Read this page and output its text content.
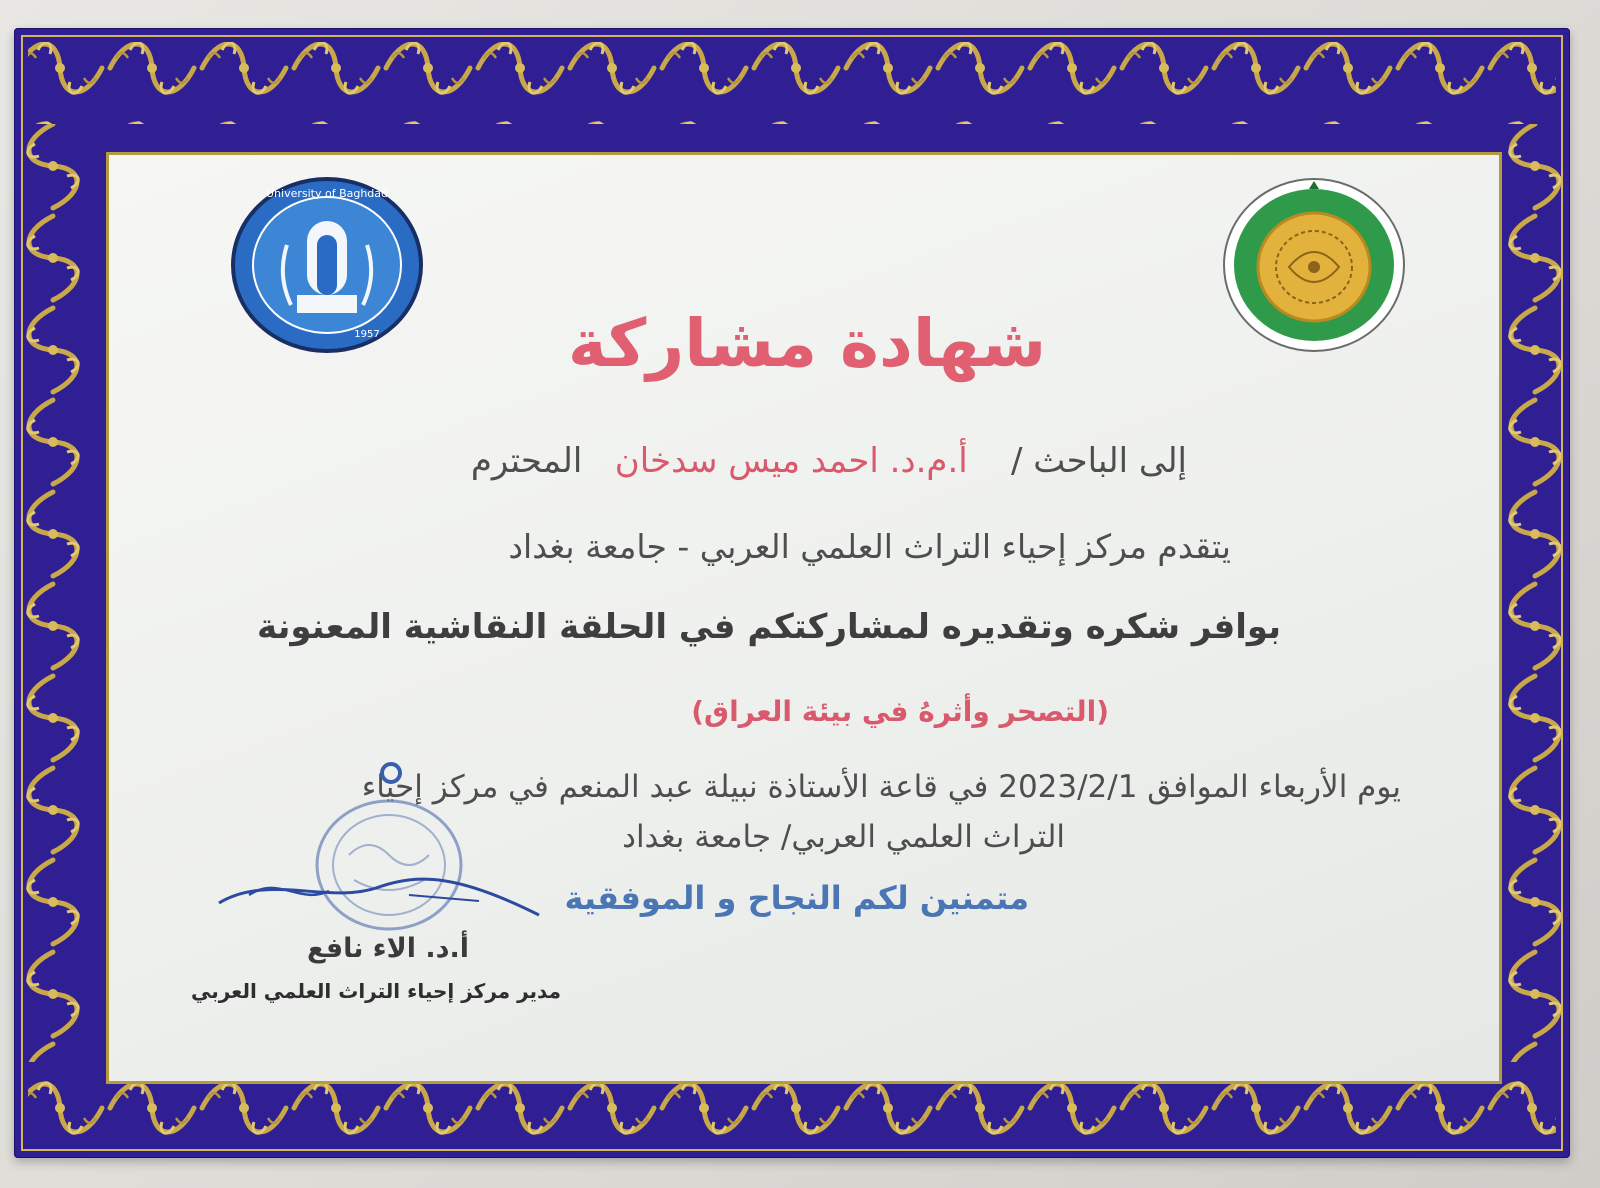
University of Baghdad
1957	شهادة مشاركة
إلى الباحث /    أ.م.د. احمد ميس سدخان   المحترم
يتقدم مركز إحياء التراث العلمي العربي - جامعة بغداد
بوافر شكره وتقديره لمشاركتكم في الحلقة النقاشية المعنونة
(التصحر وأثرهُ في بيئة العراق)
يوم الأربعاء الموافق 2023/2/1 في قاعة الأستاذة نبيلة عبد المنعم في مركز إحياء
التراث العلمي العربي/ جامعة بغداد
متمنين لكم النجاح و الموفقية
أ.د. الاء نافع
مدير مركز إحياء التراث العلمي العربي
